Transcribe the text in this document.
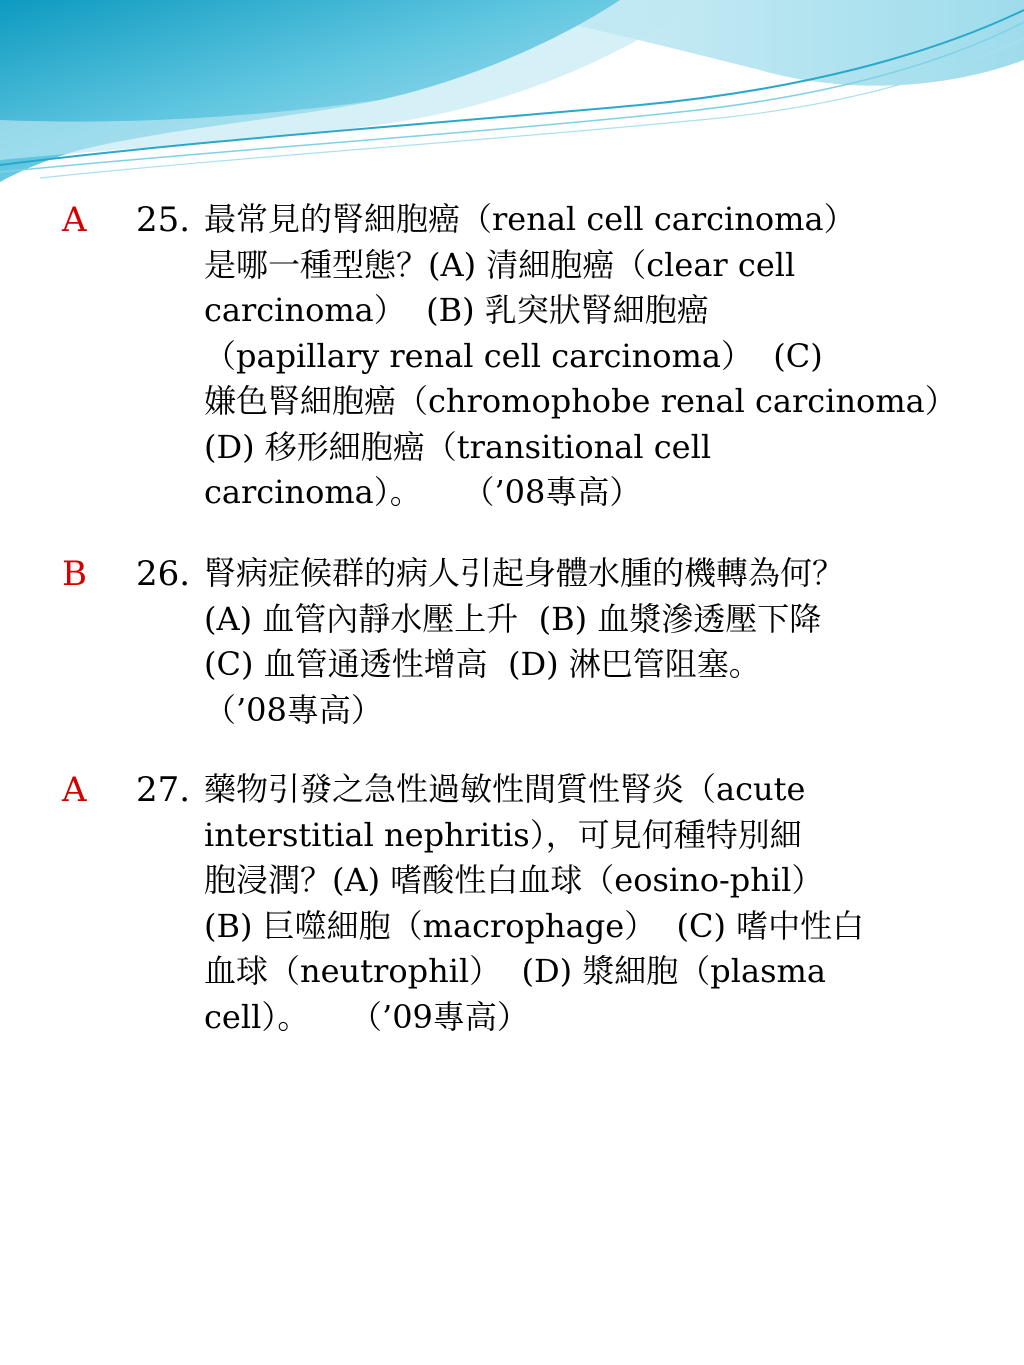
A 25. 最常見的腎細胞癌（renal cell carcinoma）
是哪一種型態？(A) 清細胞癌（clear cell
carcinoma）  (B) 乳突狀腎細胞癌
（papillary renal cell carcinoma）  (C)
嫌色腎細胞癌（chromophobe renal carcinoma）
(D) 移形細胞癌（transitional cell
carcinoma）。    （’08專高）
B 26. 腎病症候群的病人引起身體水腫的機轉為何？
(A) 血管內靜水壓上升  (B) 血漿滲透壓下降
(C) 血管通透性增高  (D) 淋巴管阻塞。
（’08專高）
A 27. 藥物引發之急性過敏性間質性腎炎（acute
interstitial nephritis），可見何種特別細
胞浸潤？(A) 嗜酸性白血球（eosino-phil）
(B) 巨噬細胞（macrophage）  (C) 嗜中性白
血球（neutrophil）  (D) 漿細胞（plasma
cell）。    （’09專高）
